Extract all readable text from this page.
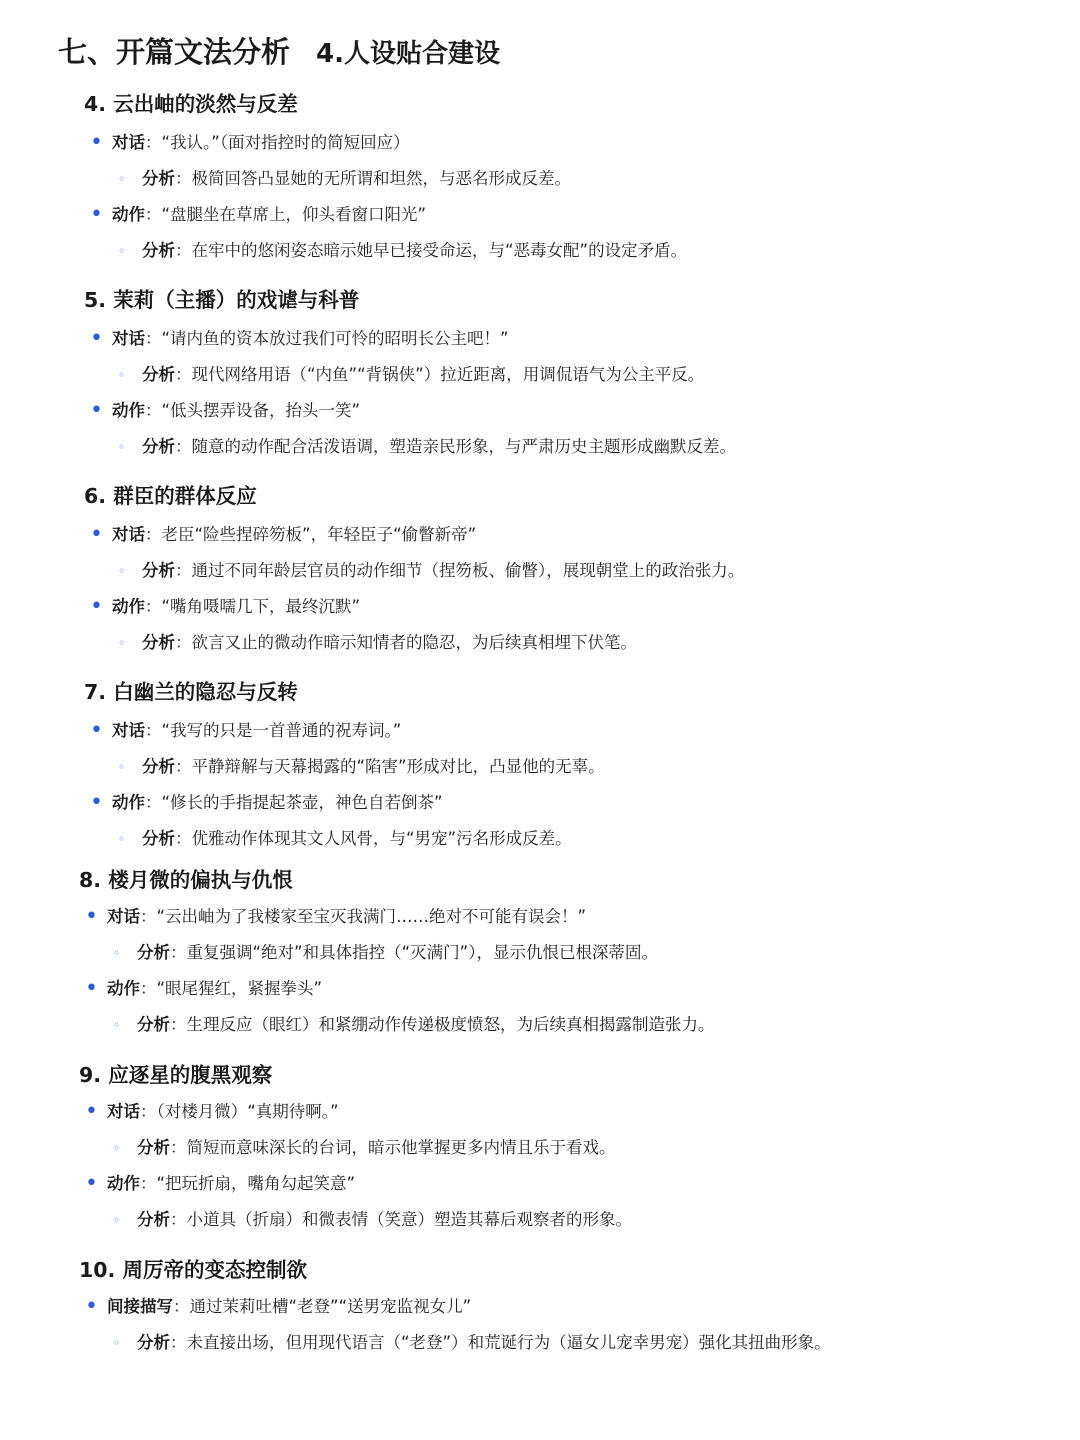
七、开篇文法分析 4.人设贴合建设
4. 云出岫的淡然与反差
• 对话：“我认。”（面对指控时的简短回应）
◦ 分析：极简回答凸显她的无所谓和坦然，与恶名形成反差。
• 动作：“盘腿坐在草席上，仰头看窗口阳光”
◦ 分析：在牢中的悠闲姿态暗示她早已接受命运，与“恶毒女配”的设定矛盾。
5. 茉莉（主播）的戏谑与科普
• 对话：“请内鱼的资本放过我们可怜的昭明长公主吧！”
◦ 分析：现代网络用语（“内鱼”“背锅侠”）拉近距离，用调侃语气为公主平反。
• 动作：“低头摆弄设备，抬头一笑”
◦ 分析：随意的动作配合活泼语调，塑造亲民形象，与严肃历史主题形成幽默反差。
6. 群臣的群体反应
• 对话：老臣“险些捏碎笏板”，年轻臣子“偷瞥新帝”
◦ 分析：通过不同年龄层官员的动作细节（捏笏板、偷瞥），展现朝堂上的政治张力。
• 动作：“嘴角嗫嚅几下，最终沉默”
◦ 分析：欲言又止的微动作暗示知情者的隐忍，为后续真相埋下伏笔。
7. 白幽兰的隐忍与反转
• 对话：“我写的只是一首普通的祝寿词。”
◦ 分析：平静辩解与天幕揭露的“陷害”形成对比，凸显他的无辜。
• 动作：“修长的手指提起茶壶，神色自若倒茶”
◦ 分析：优雅动作体现其文人风骨，与“男宠”污名形成反差。
8. 楼月微的偏执与仇恨
• 对话：“云出岫为了我楼家至宝灭我满门……绝对不可能有误会！”
◦ 分析：重复强调“绝对”和具体指控（“灭满门”），显示仇恨已根深蒂固。
• 动作：“眼尾猩红，紧握拳头”
◦ 分析：生理反应（眼红）和紧绷动作传递极度愤怒，为后续真相揭露制造张力。
9. 应逐星的腹黑观察
• 对话：（对楼月微）“真期待啊。”
◦ 分析：简短而意味深长的台词，暗示他掌握更多内情且乐于看戏。
• 动作：“把玩折扇，嘴角勾起笑意”
◦ 分析：小道具（折扇）和微表情（笑意）塑造其幕后观察者的形象。
10. 周厉帝的变态控制欲
• 间接描写：通过茉莉吐槽“老登”“送男宠监视女儿”
◦ 分析：未直接出场，但用现代语言（“老登”）和荒诞行为（逼女儿宠幸男宠）强化其扭曲形象。
